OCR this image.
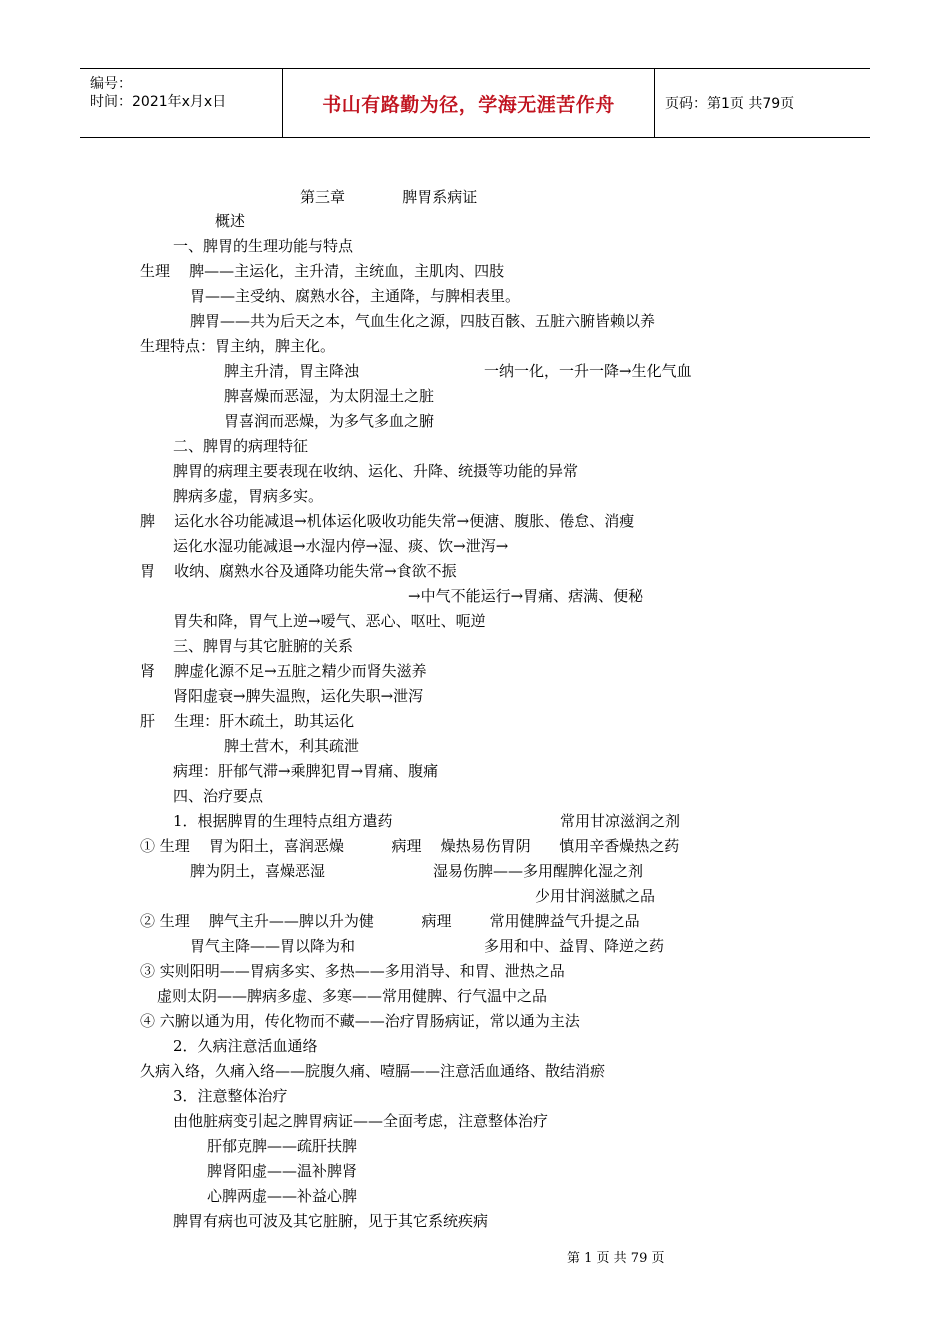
编号：
时间：2021年x月x日	书山有路勤为径，学海无涯苦作舟	页码：第1页 共79页
第三章            脾胃系病证
概述
一、脾胃的生理功能与特点
生理    脾——主运化，主升清，主统血，主肌肉、四肢
胃——主受纳、腐熟水谷，主通降，与脾相表里。
脾胃——共为后天之本，气血生化之源，四肢百骸、五脏六腑皆赖以养
生理特点：胃主纳，脾主化。
脾主升清，胃主降浊	一纳一化，一升一降→生化气血
脾喜燥而恶湿，为太阴湿土之脏
胃喜润而恶燥，为多气多血之腑
二、脾胃的病理特征
脾胃的病理主要表现在收纳、运化、升降、统摄等功能的异常
脾病多虚，胃病多实。
脾    运化水谷功能减退→机体运化吸收功能失常→便溏、腹胀、倦怠、消瘦
运化水湿功能减退→水湿内停→湿、痰、饮→泄泻→
胃    收纳、腐熟水谷及通降功能失常→食欲不振
→中气不能运行→胃痛、痞满、便秘
胃失和降，胃气上逆→嗳气、恶心、呕吐、呃逆
三、脾胃与其它脏腑的关系
肾    脾虚化源不足→五脏之精少而肾失滋养
肾阳虚衰→脾失温煦，运化失职→泄泻
肝    生理：肝木疏土，助其运化
脾土营木，利其疏泄
病理：肝郁气滞→乘脾犯胃→胃痛、腹痛
四、治疗要点
1．根据脾胃的生理特点组方遣药	常用甘凉滋润之剂
① 生理    胃为阳土，喜润恶燥          病理    燥热易伤胃阴      慎用辛香燥热之药
脾为阴土，喜燥恶湿	湿易伤脾——多用醒脾化湿之剂
少用甘润滋腻之品
② 生理    脾气主升——脾以升为健          病理        常用健脾益气升提之品
胃气主降——胃以降为和	多用和中、益胃、降逆之药
③ 实则阳明——胃病多实、多热——多用消导、和胃、泄热之品
虚则太阴——脾病多虚、多寒——常用健脾、行气温中之品
④ 六腑以通为用，传化物而不藏——治疗胃肠病证，常以通为主法
2．久病注意活血通络
久病入络，久痛入络——脘腹久痛、噎膈——注意活血通络、散结消瘀
3．注意整体治疗
由他脏病变引起之脾胃病证——全面考虑，注意整体治疗
肝郁克脾——疏肝扶脾
脾肾阳虚——温补脾肾
心脾两虚——补益心脾
脾胃有病也可波及其它脏腑，见于其它系统疾病
第 1 页 共 79 页
